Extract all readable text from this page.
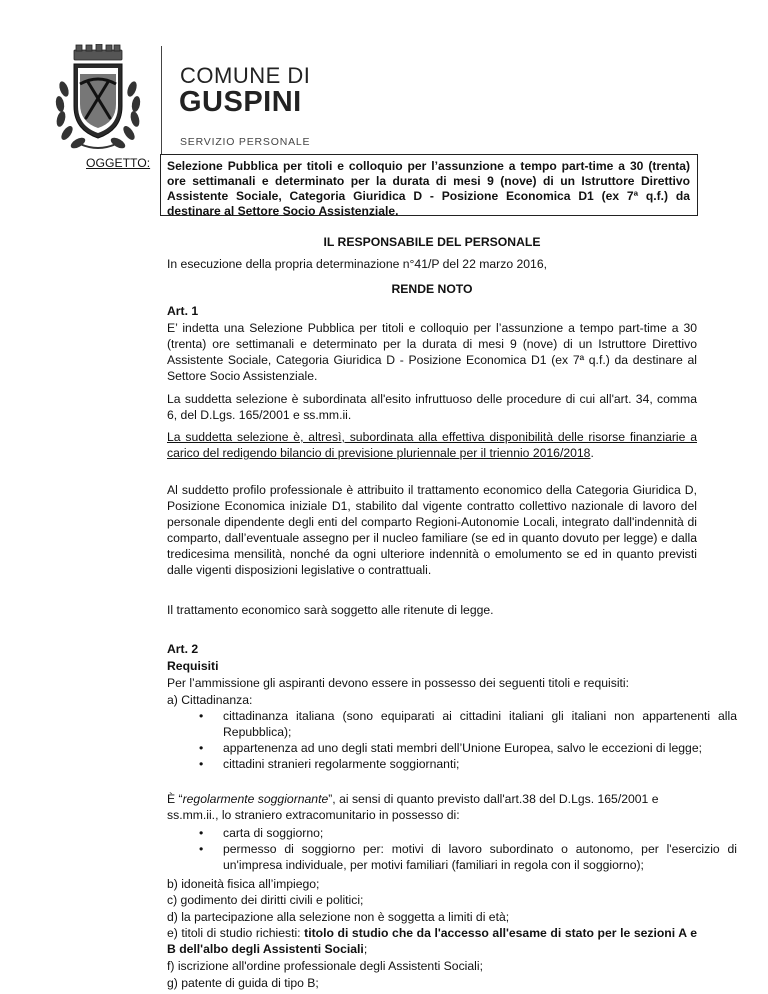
COMUNE DI
GUSPINI
SERVIZIO PERSONALE
OGGETTO:	Selezione Pubblica per titoli e colloquio per l’assunzione a tempo part-time a 30 (trentа) ore settimanali e determinato per la durata di mesi 9 (nove) di un Istruttore Direttivo Assistente Sociale, Categoria Giuridica D - Posizione Economica D1 (ex 7ª q.f.) da destinare al Settore Socio Assistenziale.
IL RESPONSABILE DEL PERSONALE
In esecuzione della propria determinazione n°41/P del 22 marzo 2016,
RENDE NOTO
Art. 1
E’ indetta una Selezione Pubblica per titoli e colloquio per l’assunzione a tempo part-time a 30 (trenta) ore settimanali e determinato per la durata di mesi 9 (nove) di un Istruttore Direttivo Assistente Sociale, Categoria Giuridica D - Posizione Economica D1 (ex 7ª q.f.) da destinare al Settore Socio Assistenziale.
La suddetta selezione è subordinata all'esito infruttuoso delle procedure di cui all'art. 34, comma 6, del D.Lgs. 165/2001 e ss.mm.ii.
La suddetta selezione è, altresì, subordinata alla effettiva disponibilità delle risorse finanziarie a carico del redigendo bilancio di previsione pluriennale per il triennio 2016/2018.
Al suddetto profilo professionale è attribuito il trattamento economico della Categoria Giuridica D, Posizione Economica iniziale D1, stabilito dal vigente contratto collettivo nazionale di lavoro del personale dipendente degli enti del comparto Regioni-Autonomie Locali, integrato dall'indennità di comparto, dall’eventuale assegno per il nucleo familiare (se ed in quanto dovuto per legge) e dalla tredicesima mensilità, nonché da ogni ulteriore indennità o emolumento se ed in quanto previsti dalle vigenti disposizioni legislative o contrattuali.
Il trattamento economico sarà soggetto alle ritenute di legge.
Art. 2
Requisiti
Per l’ammissione gli aspiranti devono essere in possesso dei seguenti titoli e requisiti:
a) Cittadinanza:
• cittadinanza italiana (sono equiparati ai cittadini italiani gli italiani non appartenenti alla Repubblica);
• appartenenza ad uno degli stati membri dell’Unione Europea, salvo le eccezioni di legge;
• cittadini stranieri regolarmente soggiornanti;
È “regolarmente soggiornante”, ai sensi di quanto previsto dall'art.38 del D.Lgs. 165/2001 e ss.mm.ii., lo straniero extracomunitario in possesso di:
• carta di soggiorno;
• permesso di soggiorno per: motivi di lavoro subordinato o autonomo, per l'esercizio di un'impresa individuale, per motivi familiari (familiari in regola con il soggiorno);
b) idoneità fisica all’impiego;
c) godimento dei diritti civili e politici;
d) la partecipazione alla selezione non è soggetta a limiti di età;
e) titoli di studio richiesti: titolo di studio che da l'accesso all'esame di stato per le sezioni A e B dell'albo degli Assistenti Sociali;
f) iscrizione all'ordine professionale degli Assistenti Sociali;
g) patente di guida di tipo B;
